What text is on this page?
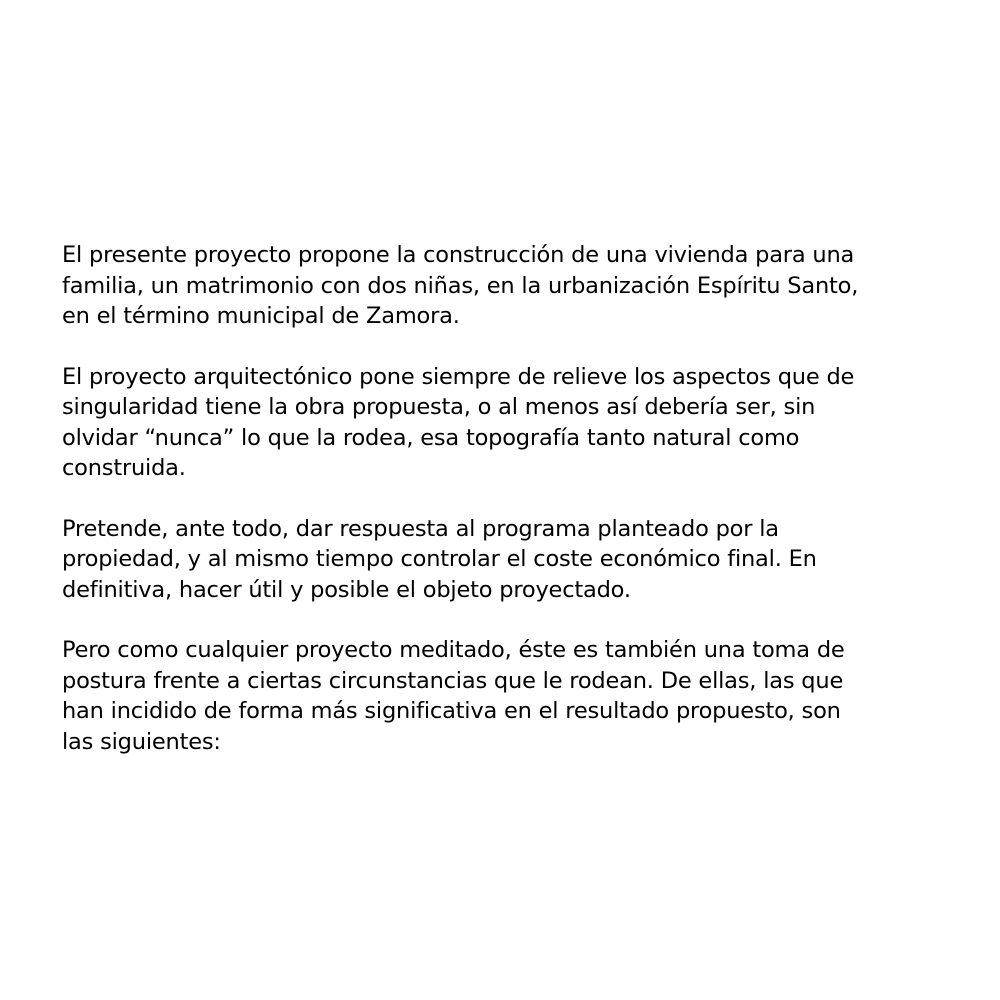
El presente proyecto propone la construcción de una vivienda para una
familia, un matrimonio con dos niñas, en la urbanización Espíritu Santo,
en el término municipal de Zamora.

El proyecto arquitectónico pone siempre de relieve los aspectos que de
singularidad tiene la obra propuesta, o al menos así debería ser, sin
olvidar “nunca” lo que la rodea, esa topografía tanto natural como
construida.

Pretende, ante todo, dar respuesta al programa planteado por la
propiedad, y al mismo tiempo controlar el coste económico final. En
definitiva, hacer útil y posible el objeto proyectado.

Pero como cualquier proyecto meditado, éste es también una toma de
postura frente a ciertas circunstancias que le rodean. De ellas, las que
han incidido de forma más significativa en el resultado propuesto, son
las siguientes:
